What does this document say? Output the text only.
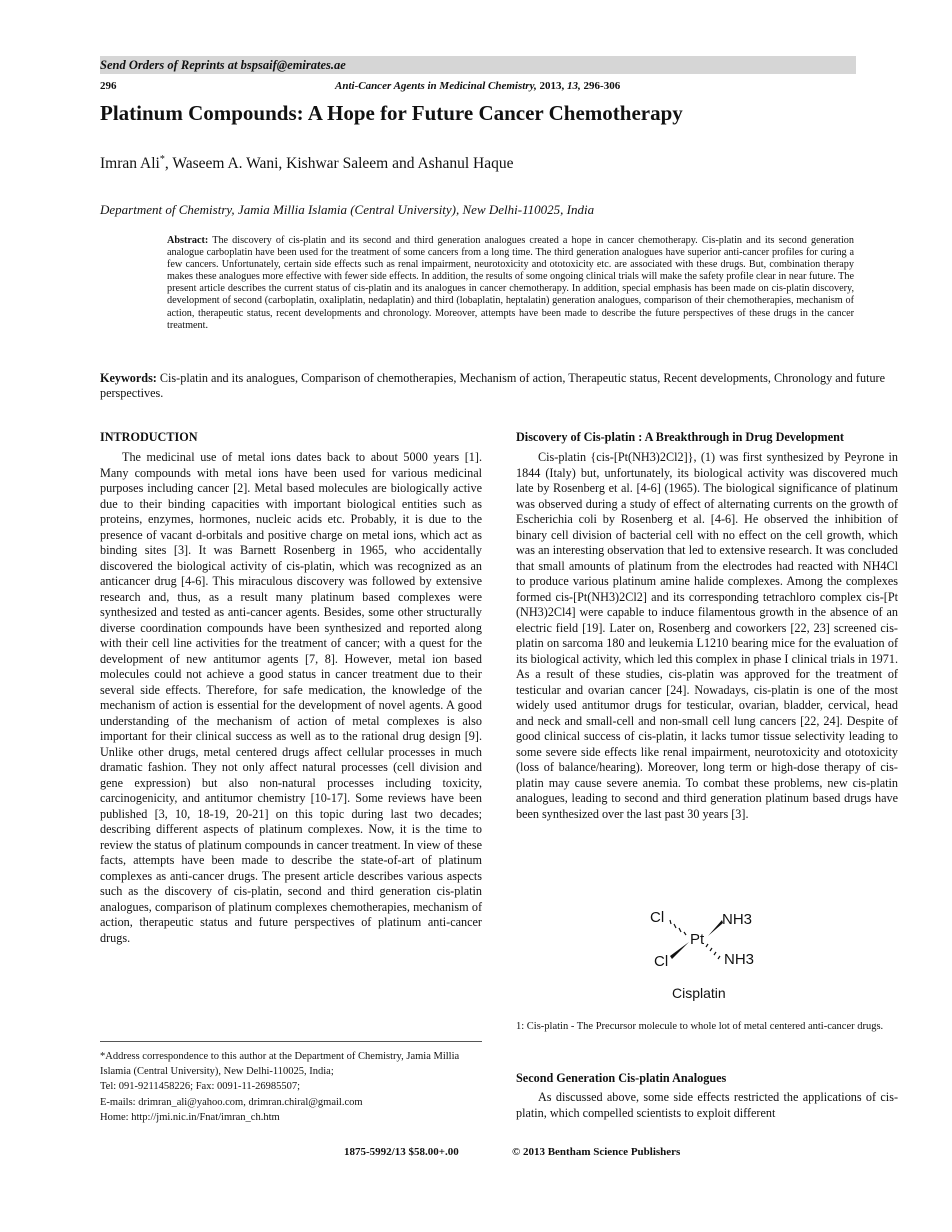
Send Orders of Reprints at bspsaif@emirates.ae
296	Anti-Cancer Agents in Medicinal Chemistry, 2013, 13, 296-306
Platinum Compounds: A Hope for Future Cancer Chemotherapy
Imran Ali*, Waseem A. Wani, Kishwar Saleem and Ashanul Haque
Department of Chemistry, Jamia Millia Islamia (Central University), New Delhi-110025, India
Abstract: The discovery of cis-platin and its second and third generation analogues created a hope in cancer chemotherapy. Cis-platin and its second generation analogue carboplatin have been used for the treatment of some cancers from a long time. The third generation analogues have superior anti-cancer profiles for curing a few cancers. Unfortunately, certain side effects such as renal impairment, neurotoxicity and ototoxicity etc. are associated with these drugs. But, combination therapy makes these analogues more effective with fewer side effects. In addition, the results of some ongoing clinical trials will make the safety profile clear in near future. The present article describes the current status of cis-platin and its analogues in cancer chemotherapy. In addition, special emphasis has been made on cis-platin discovery, development of second (carboplatin, oxaliplatin, nedaplatin) and third (lobaplatin, heptalatin) generation analogues, comparison of their chemotherapies, mechanism of action, therapeutic status, recent developments and chronology. Moreover, attempts have been made to describe the future perspectives of these drugs in the cancer treatment.
Keywords: Cis-platin and its analogues, Comparison of chemotherapies, Mechanism of action, Therapeutic status, Recent developments, Chronology and future perspectives.
INTRODUCTION

The medicinal use of metal ions dates back to about 5000 years [1]. Many compounds with metal ions have been used for various medicinal purposes including cancer [2]. Metal based molecules are biologically active due to their binding capacities with important biological entities such as proteins, enzymes, hormones, nucleic acids etc. Probably, it is due to the presence of vacant d-orbitals and positive charge on metal ions, which act as binding sites [3]. It was Barnett Rosenberg in 1965, who accidentally discovered the biological activity of cis-platin, which was recognized as an anticancer drug [4-6]. This miraculous discovery was followed by extensive research and, thus, as a result many platinum based complexes were synthesized and tested as anti-cancer agents. Besides, some other structurally diverse coordination compounds have been synthesized and reported along with their cell line activities for the treatment of cancer; with a quest for the development of new antitumor agents [7, 8]. However, metal ion based molecules could not achieve a good status in cancer treatment due to their several side effects. Therefore, for safe medication, the knowledge of the mechanism of action is essential for the development of novel agents. A good understanding of the mechanism of action of metal complexes is also important for their clinical success as well as to the rational drug design [9]. Unlike other drugs, metal centered drugs affect cellular processes in much dramatic fashion. They not only affect natural processes (cell division and gene expression) but also non-natural processes including toxicity, carcinogenicity, and antitumor chemistry [10-17]. Some reviews have been published [3, 10, 18-19, 20-21] on this topic during last two decades; describing different aspects of platinum complexes. Now, it is the time to review the status of platinum compounds in cancer treatment. In view of these facts, attempts have been made to describe the state-of-art of platinum complexes as anti-cancer drugs. The present article describes various aspects such as the discovery of cis-platin, second and third generation cis-platin analogues, comparison of platinum complexes chemotherapies, mechanism of action, therapeutic status and future perspectives of platinum anti-cancer drugs.

*Address correspondence to this author at the Department of Chemistry, Jamia Millia Islamia (Central University), New Delhi-110025, India;
Tel: 091-9211458226; Fax: 0091-11-26985507;
E-mails: drimran_ali@yahoo.com, drimran.chiral@gmail.com
Home: http://jmi.nic.in/Fnat/imran_ch.htm
Discovery of Cis-platin : A Breakthrough in Drug Development

Cis-platin {cis-[Pt(NH3)2Cl2]}, (1) was first synthesized by Peyrone in 1844 (Italy) but, unfortunately, its biological activity was discovered much late by Rosenberg et al. [4-6] (1965). The biological significance of platinum was observed during a study of effect of alternating currents on the growth of Escherichia coli by Rosenberg et al. [4-6]. He observed the inhibition of binary cell division of bacterial cell with no effect on the cell growth, which was an interesting observation that led to extensive research. It was concluded that small amounts of platinum from the electrodes had reacted with NH4Cl to produce various platinum amine halide complexes. Among the complexes formed cis-[Pt(NH3)2Cl2] and its corresponding tetrachloro complex cis-[Pt (NH3)2Cl4] were capable to induce filamentous growth in the absence of an electric field [19]. Later on, Rosenberg and coworkers [22, 23] screened cis-platin on sarcoma 180 and leukemia L1210 bearing mice for the evaluation of its biological activity, which led this complex in phase I clinical trials in 1971. As a result of these studies, cis-platin was approved for the treatment of testicular and ovarian cancer [24]. Nowadays, cis-platin is one of the most widely used antitumor drugs for testicular, ovarian, bladder, cervical, head and neck and small-cell and non-small cell lung cancers [22, 24]. Despite of good clinical success of cis-platin, it lacks tumor tissue selectivity leading to some severe side effects like renal impairment, neurotoxicity and ototoxicity (loss of balance/hearing). Moreover, long term or high-dose therapy of cis-platin may cause severe anemia. To combat these problems, new cis-platin analogues, leading to second and third generation platinum based drugs have been synthesized over the last past 30 years [3].

Cl	NH3
Pt
Cl	NH3
Cisplatin
1: Cis-platin - The Precursor molecule to whole lot of metal centered anti-cancer drugs.
Second Generation Cis-platin Analogues

As discussed above, some side effects restricted the applications of cis-platin, which compelled scientists to exploit different

1875-5992/13 $58.00+.00	© 2013 Bentham Science Publishers
